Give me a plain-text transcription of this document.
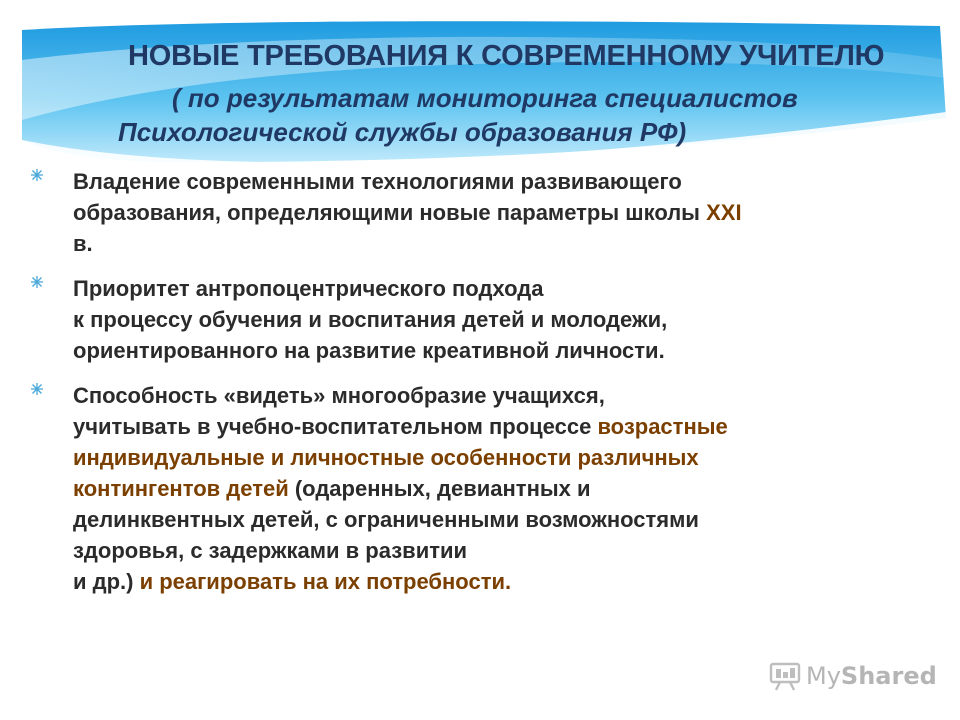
НОВЫЕ ТРЕБОВАНИЯ К СОВРЕМЕННОМУ УЧИТЕЛЮ
( по результатам мониторинга специалистов
Психологической службы образования РФ)
Владение современными технологиями развивающего
образования, определяющими новые параметры школы XXI
в.
Приоритет антропоцентрического подхода
к процессу обучения и воспитания детей и молодежи,
ориентированного на развитие креативной личности.
Способность «видеть» многообразие учащихся,
учитывать в учебно-воспитательном процессе возрастные
индивидуальные и личностные особенности различных
контингентов детей (одаренных, девиантных и
делинквентных детей, с ограниченными возможностями
здоровья, с задержками в развитии
и др.) и реагировать на их потребности.
MyShared
